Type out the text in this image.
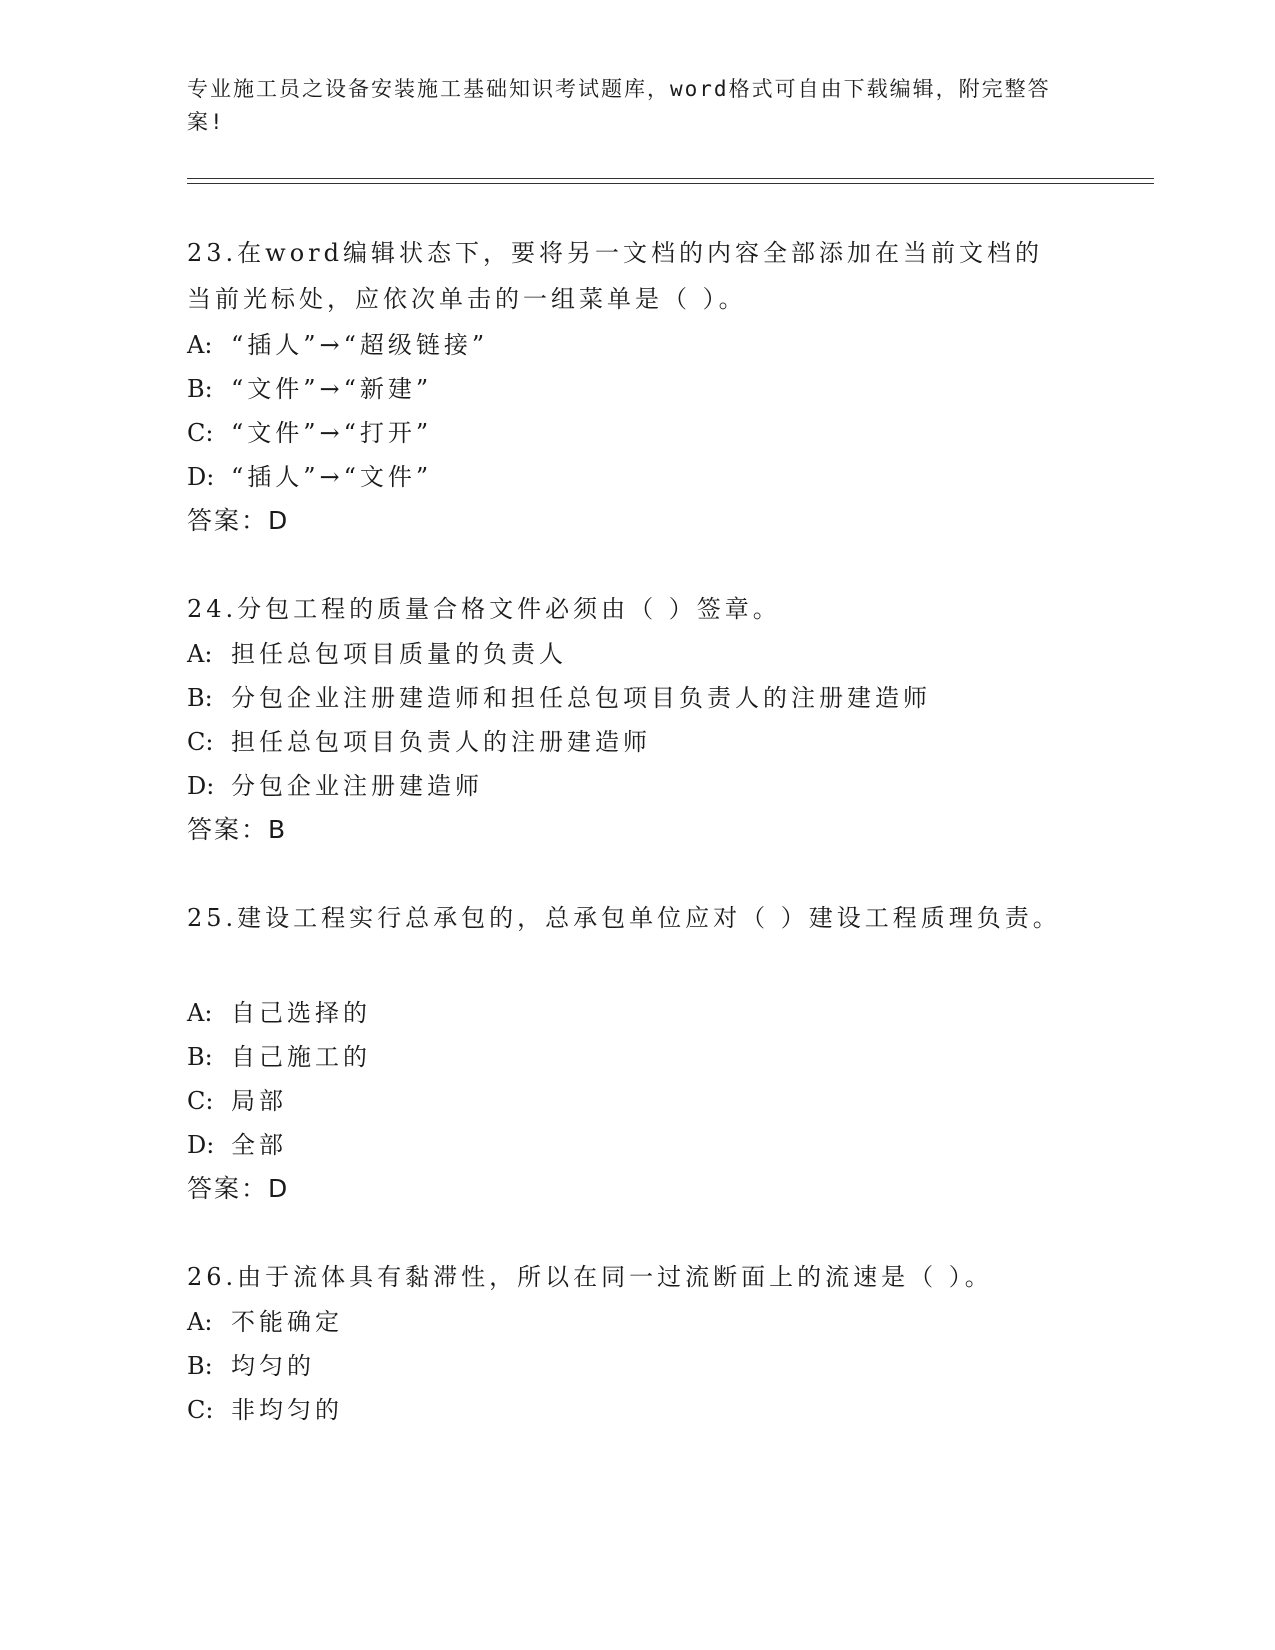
专业施工员之设备安装施工基础知识考试题库，word格式可自由下载编辑，附完整答案!
23.在word编辑状态下，要将另一文档的内容全部添加在当前文档的当前光标处，应依次单击的一组菜单是（ ）。
A: “插人”→“超级链接”
B: “文件”→“新建”
C: “文件”→“打开”
D: “插人”→“文件”
答案：D
24.分包工程的质量合格文件必须由（ ）签章。
A: 担任总包项目质量的负责人
B: 分包企业注册建造师和担任总包项目负责人的注册建造师
C: 担任总包项目负责人的注册建造师
D: 分包企业注册建造师
答案：B
25.建设工程实行总承包的，总承包单位应对（ ）建设工程质理负责。
A: 自己选择的
B: 自己施工的
C: 局部
D: 全部
答案：D
26.由于流体具有黏滞性，所以在同一过流断面上的流速是（ ）。
A: 不能确定
B: 均匀的
C: 非均匀的
